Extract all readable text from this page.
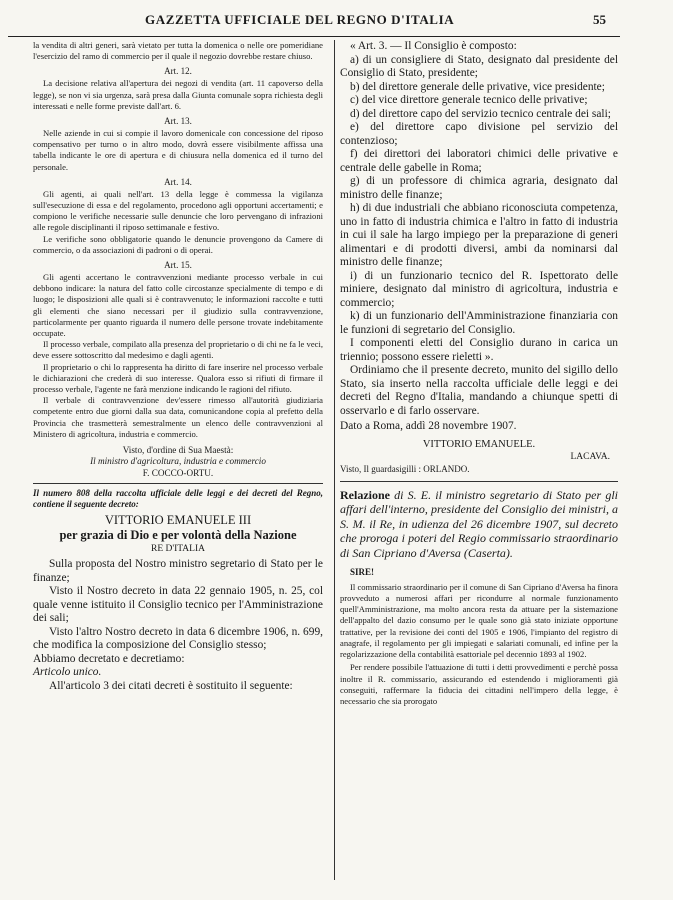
GAZZETTA UFFICIALE DEL REGNO D'ITALIA	55

la vendita di altri generi, sarà vietato per tutta la domenica o nelle ore pomeridiane l'esercizio del ramo di commercio per il quale il negozio dovrebbe restare chiuso.

Art. 12.

La decisione relativa all'apertura dei negozi di vendita (art. 11 capoverso della legge), se non vi sia urgenza, sarà presa dalla Giunta comunale sopra richiesta degli interessati e nelle forme previste dall'art. 6.

Art. 13.

Nelle aziende in cui si compie il lavoro domenicale con concessione del riposo compensativo per turno o in altro modo, dovrà essere visibilmente affissa una tabella indicante le ore di apertura e di chiusura nella domenica ed il turno del personale.

Art. 14.

Gli agenti, ai quali nell'art. 13 della legge è commessa la vigilanza sull'esecuzione di essa e del regolamento, procedono agli opportuni accertamenti; e compiono le verifiche necessarie sulle denuncie che loro pervengano di infrazioni alle regole disciplinanti il riposo settimanale e festivo.

Le verifiche sono obbligatorie quando le denuncie provengono da Camere di commercio, o da associazioni di padroni o di operai.

Art. 15.

Gli agenti accertano le contravvenzioni mediante processo verbale in cui debbono indicare: la natura del fatto colle circostanze specialmente di tempo e di luogo; le disposizioni alle quali si è contravvenuto; le informazioni raccolte e tutti gli elementi che siano necessari per il giudizio sulla contravvenzione, particolarmente per quanto riguarda il numero delle persone trovate indebitamente occupate.

Il processo verbale, compilato alla presenza del proprietario o di chi ne fa le veci, deve essere sottoscritto dal medesimo e dagli agenti.

Il proprietario o chi lo rappresenta ha diritto di fare inserire nel processo verbale le dichiarazioni che crederà di suo interesse. Qualora esso si rifiuti di firmare il processo verbale, l'agente ne farà menzione indicando le ragioni del rifiuto.

Il verbale di contravvenzione dev'essere rimesso all'autorità giudiziaria competente entro due giorni dalla sua data, comunicandone copia al prefetto della Provincia che trasmetterà semestralmente un elenco delle contravvenzioni al Ministero di agricoltura, industria e commercio.

Visto, d'ordine di Sua Maestà:

Il ministro d'agricoltura, industria e commercio

F. COCCO-ORTU.

Il numero 808 della raccolta ufficiale delle leggi e dei decreti del Regno, contiene il seguente decreto:

VITTORIO EMANUELE III

per grazia di Dio e per volontà della Nazione

RE D'ITALIA

Sulla proposta del Nostro ministro segretario di Stato per le finanze;

Visto il Nostro decreto in data 22 gennaio 1905, n. 25, col quale venne istituito il Consiglio tecnico per l'Amministrazione dei sali;

Visto l'altro Nostro decreto in data 6 dicembre 1906, n. 699, che modifica la composizione del Consiglio stesso;

Abbiamo decretato e decretiamo:

Articolo unico.

All'articolo 3 dei citati decreti è sostituito il seguente:

« Art. 3. — Il Consiglio è composto:

a) di un consigliere di Stato, designato dal presidente del Consiglio di Stato, presidente;

b) del direttore generale delle privative, vice presidente;

c) del vice direttore generale tecnico delle privative;

d) del direttore capo del servizio tecnico centrale dei sali;

e) del direttore capo divisione pel servizio del contenzioso;

f) dei direttori dei laboratori chimici delle privative e centrale delle gabelle in Roma;

g) di un professore di chimica agraria, designato dal ministro delle finanze;

h) di due industriali che abbiano riconosciuta competenza, uno in fatto di industria chimica e l'altro in fatto di industria in cui il sale ha largo impiego per la preparazione di generi alimentari e di prodotti diversi, ambi da nominarsi dal ministro delle finanze;

i) di un funzionario tecnico del R. Ispettorato delle miniere, designato dal ministro di agricoltura, industria e commercio;

k) di un funzionario dell'Amministrazione finanziaria con le funzioni di segretario del Consiglio.

I componenti eletti del Consiglio durano in carica un triennio; possono essere rieletti ».

Ordiniamo che il presente decreto, munito del sigillo dello Stato, sia inserto nella raccolta ufficiale delle leggi e dei decreti del Regno d'Italia, mandando a chiunque spetti di osservarlo e di farlo osservare.

Dato a Roma, addì 28 novembre 1907.

VITTORIO EMANUELE.

LACAVA.

Visto, Il guardasigilli : ORLANDO.

Relazione di S. E. il ministro segretario di Stato per gli affari dell'interno, presidente del Consiglio dei ministri, a S. M. il Re, in udienza del 26 dicembre 1907, sul decreto che proroga i poteri del Regio commissario straordinario di San Cipriano d'Aversa (Caserta).

SIRE!

Il commissario straordinario per il comune di San Cipriano d'Aversa ha finora provveduto a numerosi affari per ricondurre al normale funzionamento quell'Amministrazione, ma molto ancora resta da attuare per la sistemazione dell'appalto del dazio consumo per le quale sono già stato iniziate opportune trattative, per la revisione dei conti del 1905 e 1906, l'impianto del registro di anagrafe, il regolamento per gli impiegati e salariati comunali, ed infine per la regolarizzazione della contabilità esattoriale pel decennio 1893 al 1902.

Per rendere possibile l'attuazione di tutti i detti provvedimenti e perchè possa inoltre il R. commissario, assicurando ed estendendo i miglioramenti già conseguiti, raffermare la fiducia dei cittadini nell'impero della legge, è necessario che sia prorogato
